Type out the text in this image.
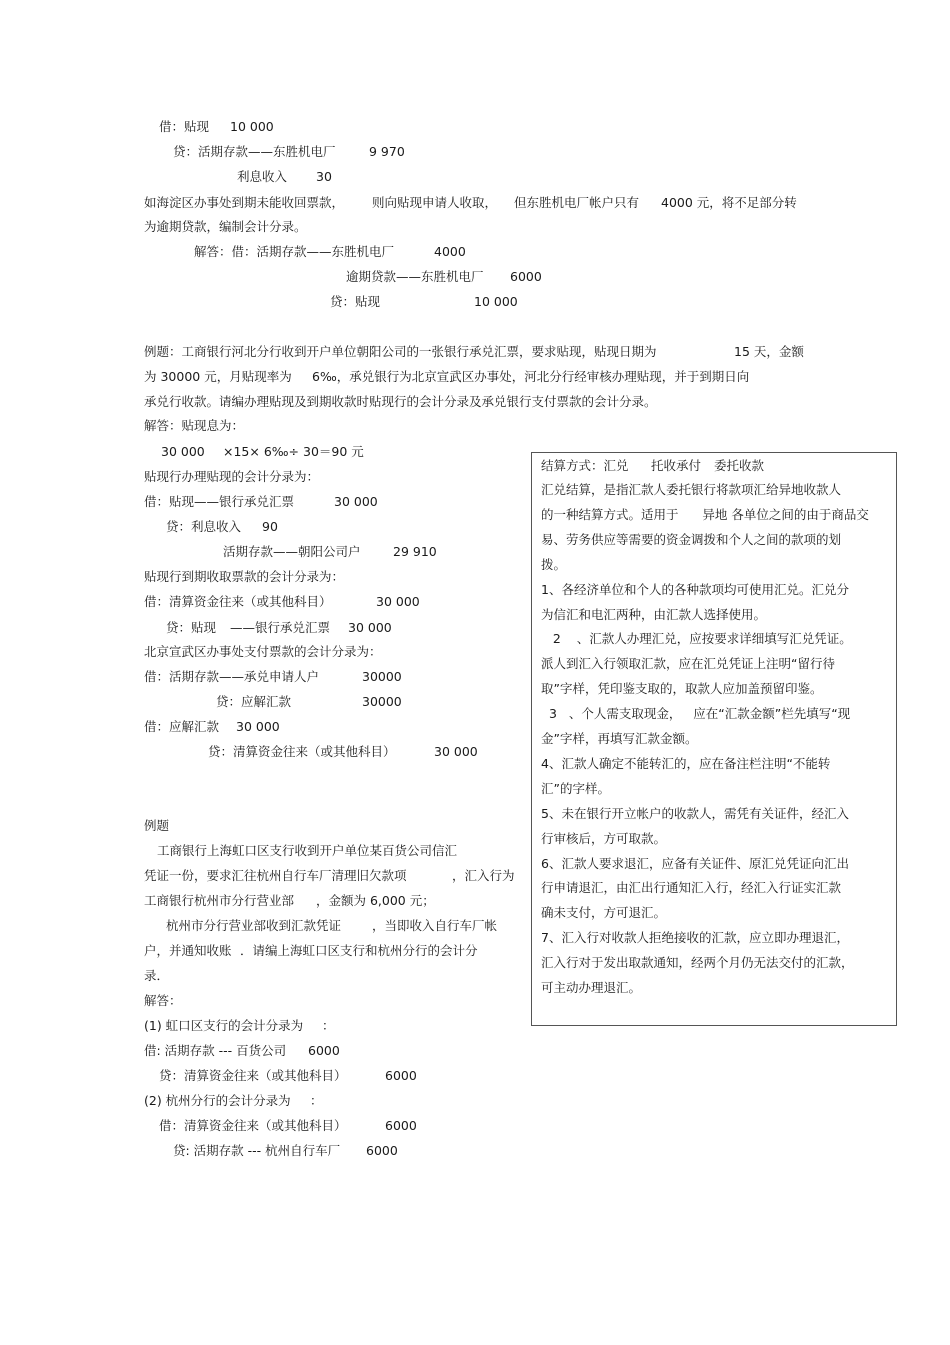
借：贴现 10 000
贷：活期存款——东胜机电厂	9 970
利息收入 30
如海淀区办事处到期未能收回票款， 则向贴现申请人收取， 但东胜机电厂帐户只有 4000 元，将不足部分转
为逾期贷款，编制会计分录。
解答：借：活期存款——东胜机电厂	4000
逾期贷款——东胜机电厂 6000
贷：贴现	10 000
例题：工商银行河北分行收到开户单位朝阳公司的一张银行承兑汇票，要求贴现，贴现日期为	15 天，金额
为 30000 元，月贴现率为 6‰，承兑银行为北京宣武区办事处，河北分行经审核办理贴现，并于到期日向
承兑行收款。请编办理贴现及到期收款时贴现行的会计分录及承兑银行支付票款的会计分录。
解答：贴现息为：
30 000 ×15× 6‰÷ 30＝90 元
贴现行办理贴现的会计分录为：
借：贴现——银行承兑汇票	30 000
贷：利息收入 90
活期存款——朝阳公司户	29 910
贴现行到期收取票款的会计分录为：
借：清算资金往来（或其他科目）	30 000
贷：贴现 ——银行承兑汇票 30 000
北京宣武区办事处支付票款的会计分录为：
借：活期存款——承兑申请人户	30000
贷：应解汇款	30000
借：应解汇款 30 000
贷：清算资金往来（或其他科目）	30 000
例题
工商银行上海虹口区支行收到开户单位某百货公司信汇
凭证一份，要求汇往杭州自行车厂清理旧欠款项	，汇入行为
工商银行杭州市分行营业部 ，金额为 6,000 元；
杭州市分行营业部收到汇款凭证 ，当即收入自行车厂帐
户，并通知收账 ．请编上海虹口区支行和杭州分行的会计分
录．
解答：
(1) 虹口区支行的会计分录为 ：
借: 活期存款 --- 百货公司 6000
贷：清算资金往来（或其他科目）	6000
(2) 杭州分行的会计分录为 ：
借：清算资金往来（或其他科目）	6000
贷: 活期存款 --- 杭州自行车厂 6000
结算方式：汇兑 托收承付 委托收款
汇兑结算，是指汇款人委托银行将款项汇给异地收款人
的一种结算方式。适用于      异地 各单位之间的由于商品交
易、劳务供应等需要的资金调拨和个人之间的款项的划
拨。
1、各经济单位和个人的各种款项均可使用汇兑。汇兑分
为信汇和电汇两种，由汇款人选择使用。
2    、汇款人办理汇兑，应按要求详细填写汇兑凭证。
派人到汇入行领取汇款，应在汇兑凭证上注明“留行待
取”字样，凭印鉴支取的，取款人应加盖预留印鉴。
3   、个人需支取现金，   应在“汇款金额”栏先填写“现
金”字样，再填写汇款金额。
4、汇款人确定不能转汇的，应在备注栏注明“不能转
汇”的字样。
5、未在银行开立帐户的收款人，需凭有关证件，经汇入
行审核后，方可取款。
6、汇款人要求退汇，应备有关证件、原汇兑凭证向汇出
行申请退汇，由汇出行通知汇入行，经汇入行证实汇款
确未支付，方可退汇。
7、汇入行对收款人拒绝接收的汇款，应立即办理退汇，
汇入行对于发出取款通知，经两个月仍无法交付的汇款，
可主动办理退汇。
